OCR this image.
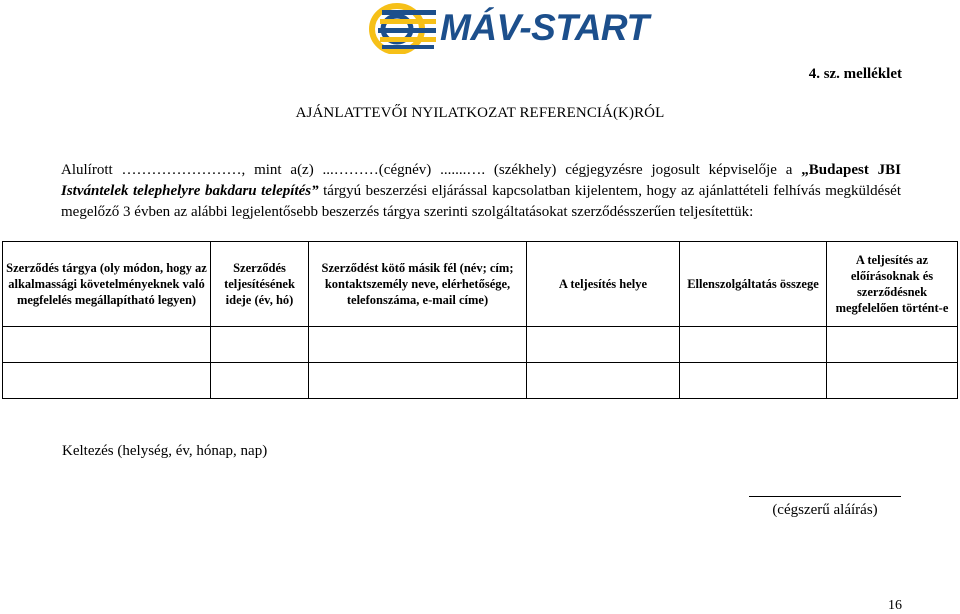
MÁV-START
4. sz. melléklet
AJÁNLATTEVŐI NYILATKOZAT REFERENCIÁ(K)RÓL
Alulírott ……………………, mint a(z) ...………(cégnév) .......…. (székhely) cégjegyzésre jogosult képviselője a „Budapest JBI Istvántelek telephelyre bakdaru telepítés” tárgyú beszerzési eljárással kapcsolatban kijelentem, hogy az ajánlattételi felhívás megküldését megelőző 3 évben az alábbi legjelentősebb beszerzés tárgya szerinti szolgáltatásokat szerződésszerűen teljesítettük:
Szerződés tárgya (oly módon, hogy az alkalmassági követelményeknek való megfelelés megállapítható legyen)	Szerződés teljesítésének ideje (év, hó)	Szerződést kötő másik fél (név; cím; kontaktszemély neve, elérhetősége, telefonszáma, e-mail címe)	A teljesítés helye	Ellenszolgáltatás összege	A teljesítés az előírásoknak és szerződésnek megfelelően történt-e

Keltezés (helység, év, hónap, nap)
(cégszerű aláírás)
16
